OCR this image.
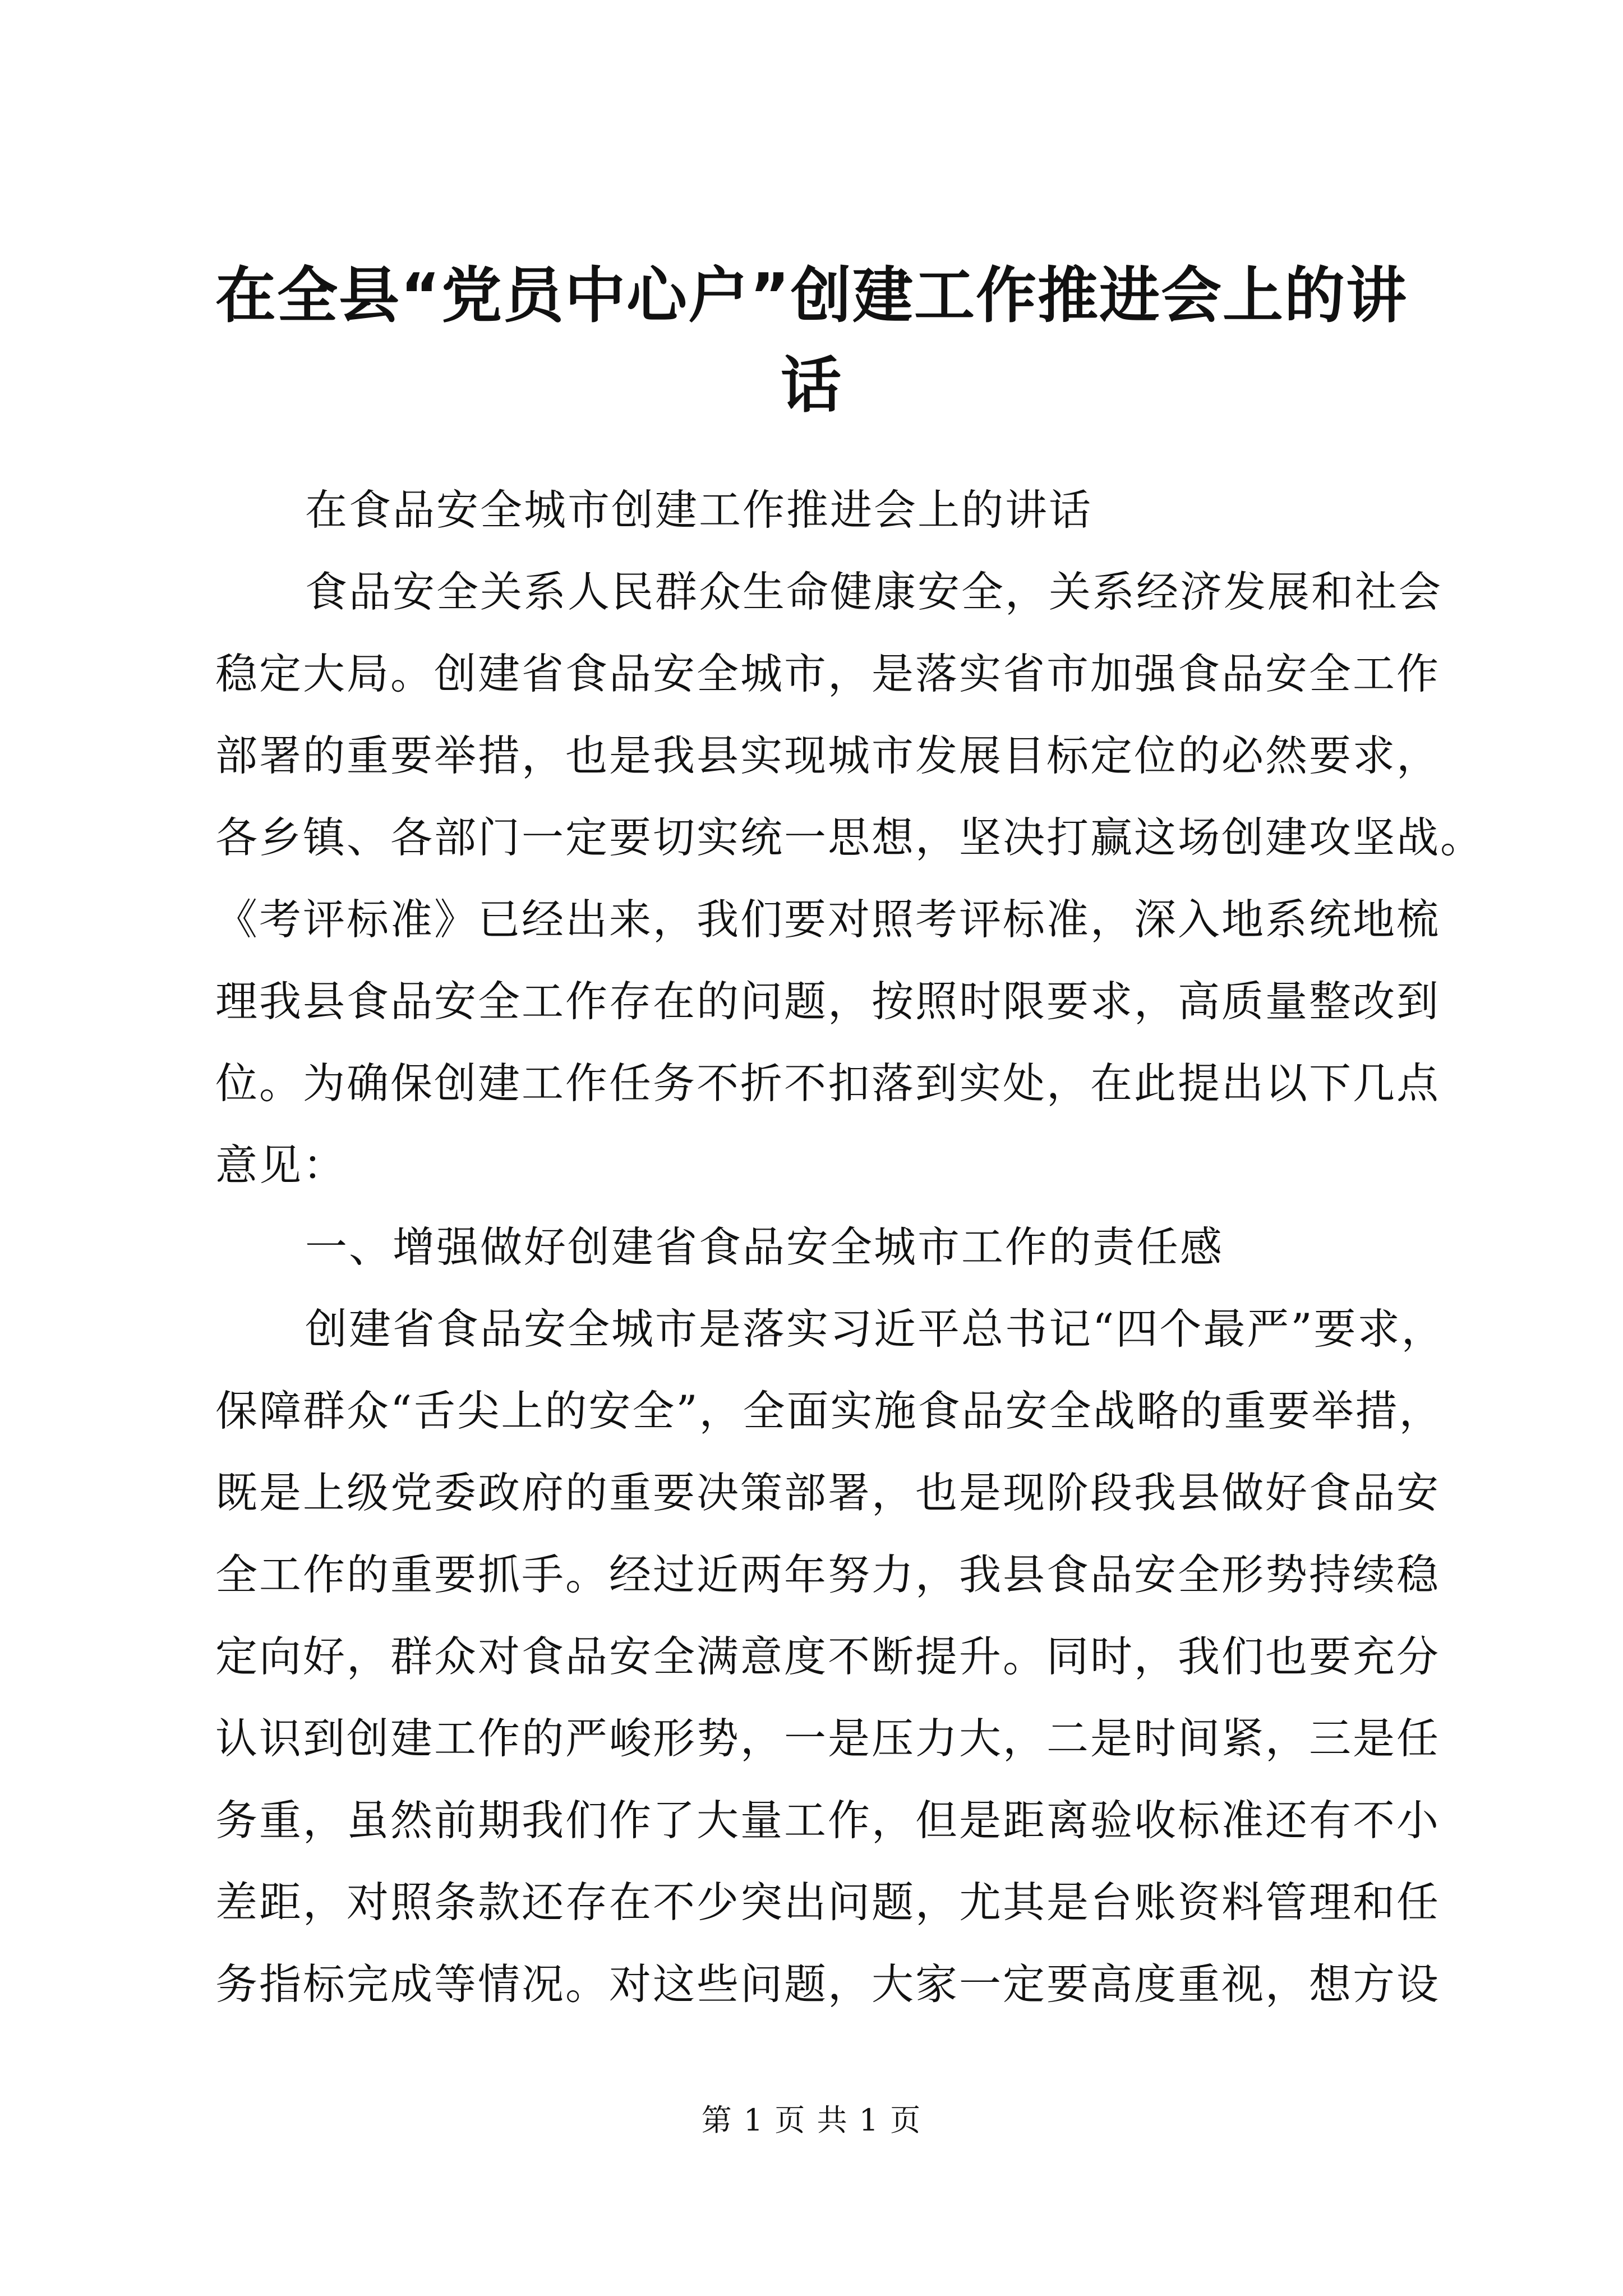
在全县“党员中心户”创建工作推进会上的讲
话

在食品安全城市创建工作推进会上的讲话

食品安全关系人民群众生命健康安全，关系经济发展和社会
稳定大局。创建省食品安全城市，是落实省市加强食品安全工作
部署的重要举措，也是我县实现城市发展目标定位的必然要求，
各乡镇、各部门一定要切实统一思想，坚决打赢这场创建攻坚战。
《考评标准》已经出来，我们要对照考评标准，深入地系统地梳
理我县食品安全工作存在的问题，按照时限要求，高质量整改到
位。为确保创建工作任务不折不扣落到实处，在此提出以下几点
意见：

一、增强做好创建省食品安全城市工作的责任感

创建省食品安全城市是落实习近平总书记“四个最严”要求，
保障群众“舌尖上的安全”，全面实施食品安全战略的重要举措，
既是上级党委政府的重要决策部署，也是现阶段我县做好食品安
全工作的重要抓手。经过近两年努力，我县食品安全形势持续稳
定向好，群众对食品安全满意度不断提升。同时，我们也要充分
认识到创建工作的严峻形势，一是压力大，二是时间紧，三是任
务重，虽然前期我们作了大量工作，但是距离验收标准还有不小
差距，对照条款还存在不少突出问题，尤其是台账资料管理和任
务指标完成等情况。对这些问题，大家一定要高度重视，想方设

第 1 页 共 1 页
